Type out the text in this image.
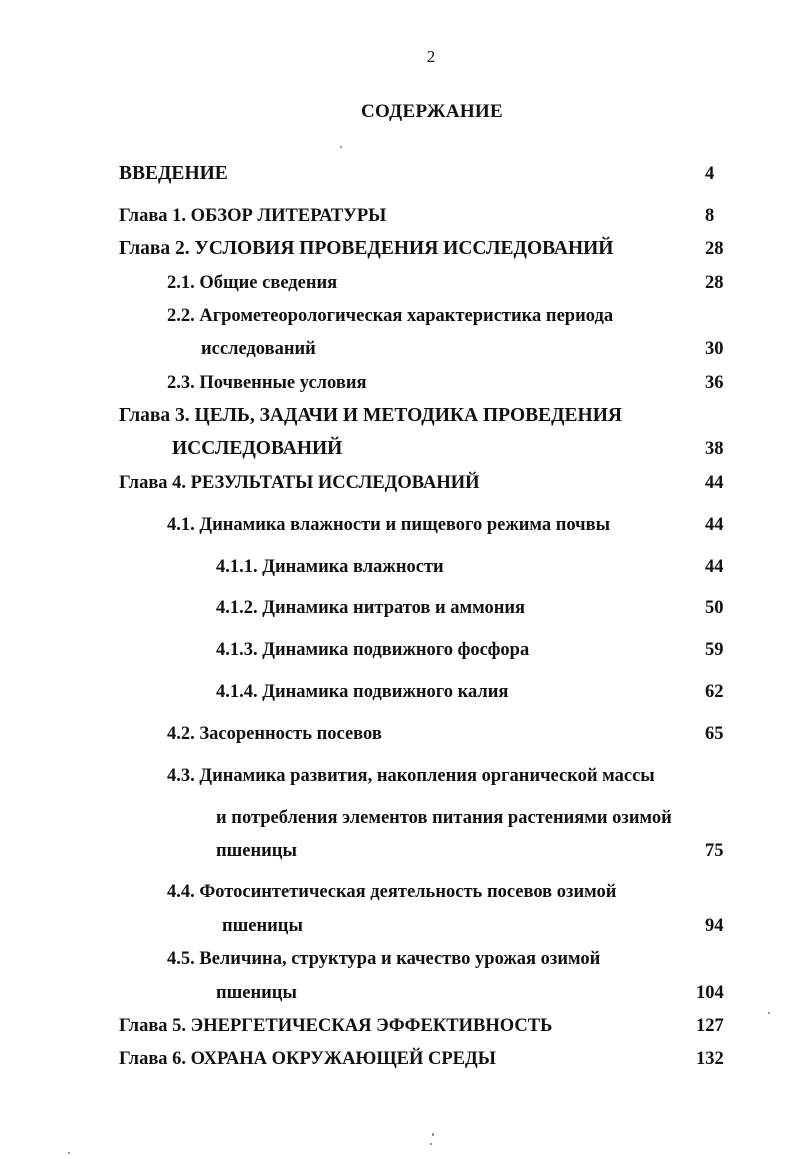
2
СОДЕРЖАНИЕ
ВВЕДЕНИЕ	4
Глава 1. ОБЗОР ЛИТЕРАТУРЫ	8
Глава 2. УСЛОВИЯ ПРОВЕДЕНИЯ ИССЛЕДОВАНИЙ	28
2.1. Общие сведения	28
2.2. Агрометеорологическая характеристика периода
исследований	30
2.3. Почвенные условия	36
Глава 3. ЦЕЛЬ, ЗАДАЧИ И МЕТОДИКА ПРОВЕДЕНИЯ
ИССЛЕДОВАНИЙ	38
Глава 4. РЕЗУЛЬТАТЫ ИССЛЕДОВАНИЙ	44
4.1. Динамика влажности и пищевого режима почвы	44
4.1.1. Динамика влажности	44
4.1.2. Динамика нитратов и аммония	50
4.1.3. Динамика подвижного фосфора	59
4.1.4. Динамика подвижного калия	62
4.2. Засоренность посевов	65
4.3. Динамика развития, накопления органической массы
и потребления элементов питания растениями озимой
пшеницы	75
4.4. Фотосинтетическая деятельность посевов озимой
пшеницы	94
4.5. Величина, структура и качество урожая озимой
пшеницы	104
Глава 5. ЭНЕРГЕТИЧЕСКАЯ ЭФФЕКТИВНОСТЬ	127
Глава 6. ОХРАНА ОКРУЖАЮЩЕЙ СРЕДЫ	132
